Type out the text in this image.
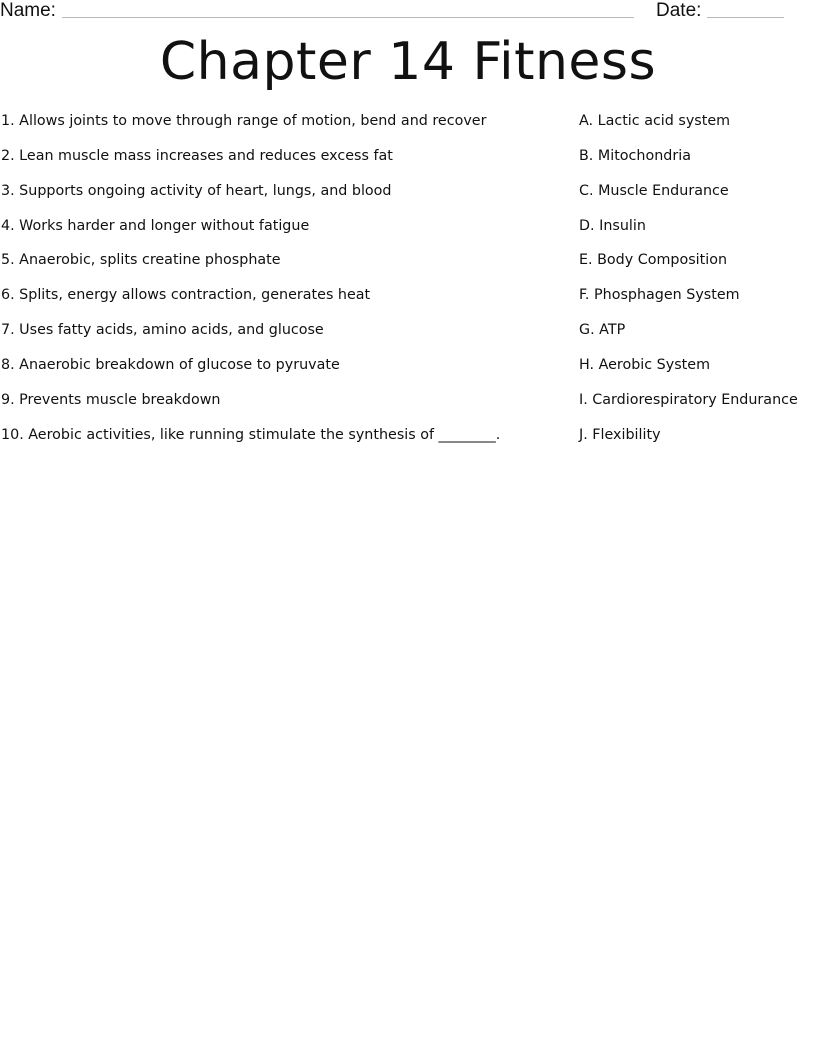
Name:	Date:
Chapter 14 Fitness
1. Allows joints to move through range of motion, bend and recover
2. Lean muscle mass increases and reduces excess fat
3. Supports ongoing activity of heart, lungs, and blood
4. Works harder and longer without fatigue
5. Anaerobic, splits creatine phosphate
6. Splits, energy allows contraction, generates heat
7. Uses fatty acids, amino acids, and glucose
8. Anaerobic breakdown of glucose to pyruvate
9. Prevents muscle breakdown
10. Aerobic activities, like running stimulate the synthesis of ________.
A. Lactic acid system
B. Mitochondria
C. Muscle Endurance
D. Insulin
E. Body Composition
F. Phosphagen System
G. ATP
H. Aerobic System
I. Cardiorespiratory Endurance
J. Flexibility
